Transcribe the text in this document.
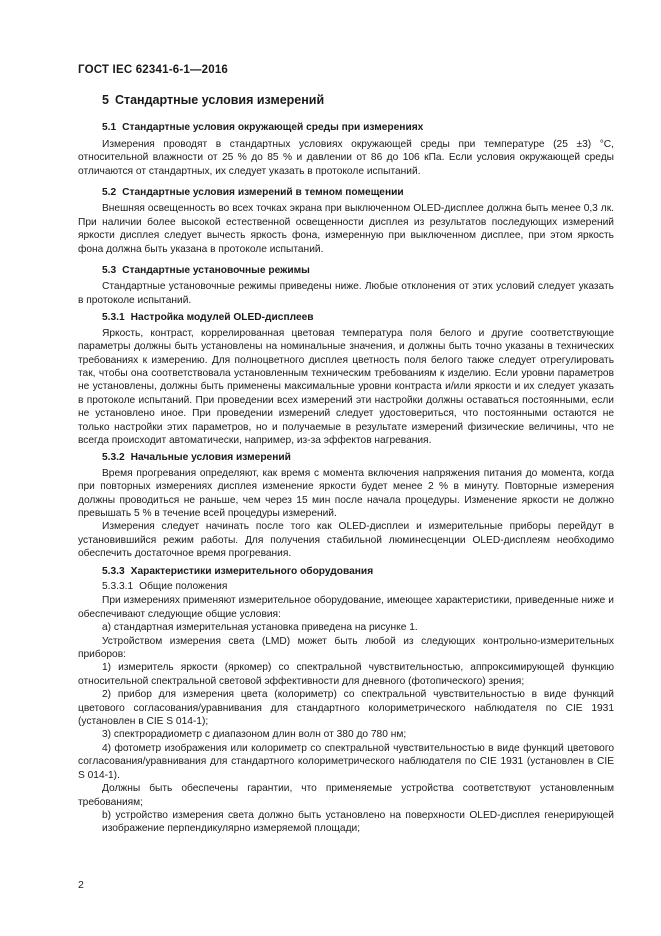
ГОСТ IEC 62341-6-1—2016
5 Стандартные условия измерений
5.1 Стандартные условия окружающей среды при измерениях

Измерения проводят в стандартных условиях окружающей среды при температуре (25 ±3) °С, относительной влажности от 25 % до 85 % и давлении от 86 до 106 кПа. Если условия окружающей среды отличаются от стандартных, их следует указать в протоколе испытаний.

5.2 Стандартные условия измерений в темном помещении

Внешняя освещенность во всех точках экрана при выключенном OLED-дисплее должна быть менее 0,3 лк. При наличии более высокой естественной освещенности дисплея из результатов последующих измерений яркости дисплея следует вычесть яркость фона, измеренную при выключенном дисплее, при этом яркость фона должна быть указана в протоколе испытаний.

5.3 Стандартные установочные режимы

Стандартные установочные режимы приведены ниже. Любые отклонения от этих условий следует указать в протоколе испытаний.

5.3.1 Настройка модулей OLED-дисплеев

Яркость, контраст, коррелированная цветовая температура поля белого и другие соответствующие параметры должны быть установлены на номинальные значения, и должны быть точно указаны в технических требованиях к измерению. Для полноцветного дисплея цветность поля белого также следует отрегулировать так, чтобы она соответствовала установленным техническим требованиям к изделию. Если уровни параметров не установлены, должны быть применены максимальные уровни контраста и/или яркости и их следует указать в протоколе испытаний. При проведении всех измерений эти настройки должны оставаться постоянными, если не установлено иное. При проведении измерений следует удостовериться, что постоянными остаются не только настройки этих параметров, но и получаемые в результате измерений физические величины, что не всегда происходит автоматически, например, из-за эффектов нагревания.

5.3.2 Начальные условия измерений

Время прогревания определяют, как время с момента включения напряжения питания до момента, когда при повторных измерениях дисплея изменение яркости будет менее 2 % в минуту. Повторные измерения должны проводиться не раньше, чем через 15 мин после начала процедуры. Изменение яркости не должно превышать 5 % в течение всей процедуры измерений.

Измерения следует начинать после того как OLED-дисплеи и измерительные приборы перейдут в установившийся режим работы. Для получения стабильной люминесценции OLED-дисплеям необходимо обеспечить достаточное время прогревания.

5.3.3 Характеристики измерительного оборудования
5.3.3.1 Общие положения

При измерениях применяют измерительное оборудование, имеющее характеристики, приведенные ниже и обеспечивают следующие общие условия:

а) стандартная измерительная установка приведена на рисунке 1.

Устройством измерения света (LMD) может быть любой из следующих контрольно-измерительных приборов:

1) измеритель яркости (яркомер) со спектральной чувствительностью, аппроксимирующей функцию относительной спектральной световой эффективности для дневного (фотопического) зрения;

2) прибор для измерения цвета (колориметр) со спектральной чувствительностью в виде функций цветового согласования/уравнивания для стандартного колориметрического наблюдателя по CIE 1931 (установлен в CIE S 014-1);

3) спектрорадиометр с диапазоном длин волн от 380 до 780 нм;

4) фотометр изображения или колориметр со спектральной чувствительностью в виде функций цветового согласования/уравнивания для стандартного колориметрического наблюдателя по CIE 1931 (установлен в CIE S 014-1).

Должны быть обеспечены гарантии, что применяемые устройства соответствуют установленным требованиям;

b) устройство измерения света должно быть установлено на поверхности OLED-дисплея генерирующей изображение перпендикулярно измеряемой площади;

2
